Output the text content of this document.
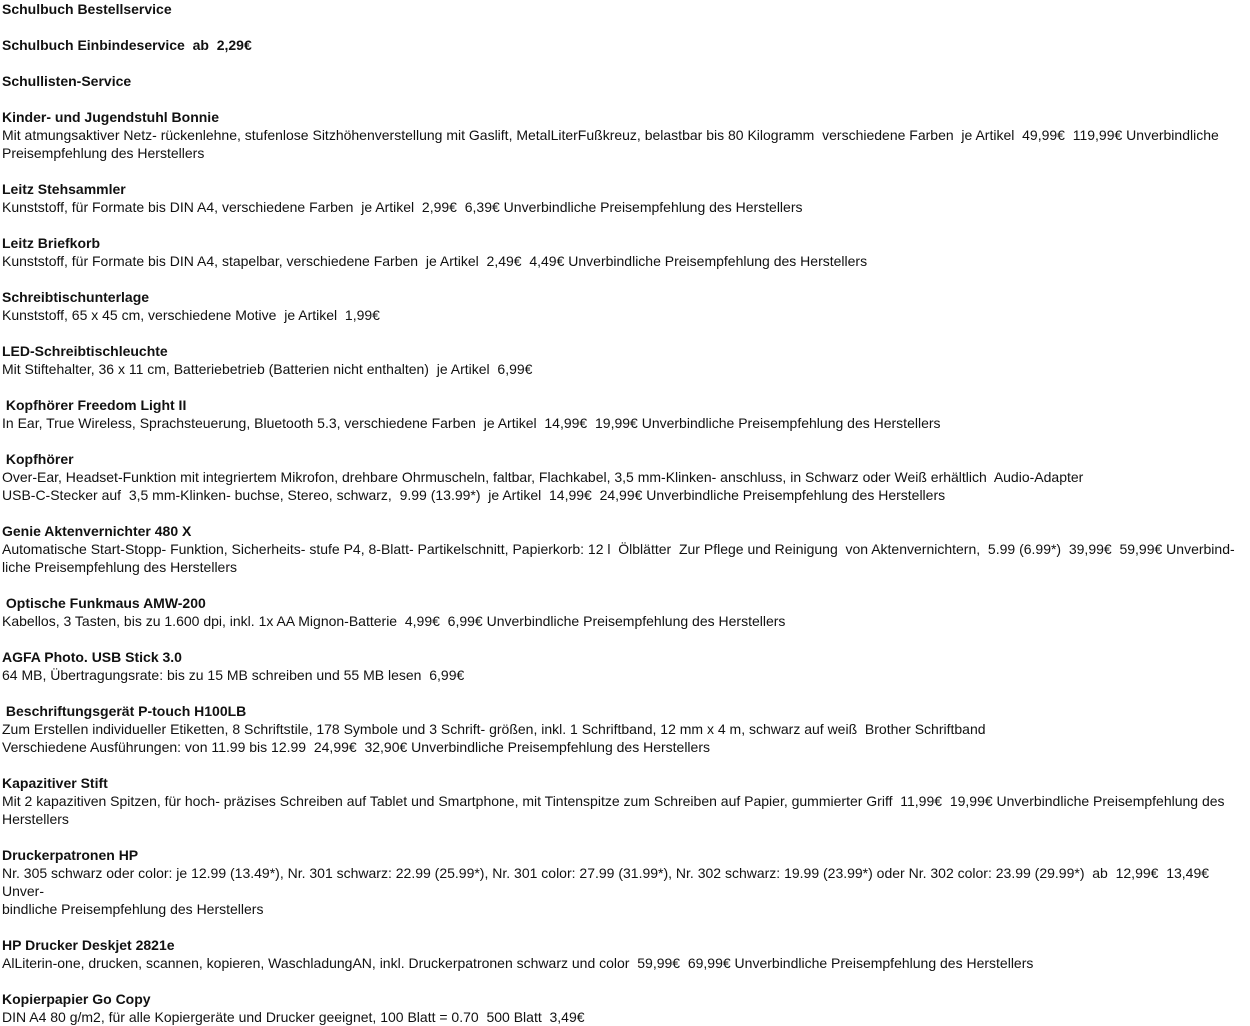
Schulbuch Bestellservice
Schulbuch Einbindeservice  ab  2,29€
Schullisten-Service
Kinder- und Jugendstuhl Bonnie
Mit atmungsaktiver Netz- rückenlehne, stufenlose Sitzhöhenverstellung mit Gaslift, MetalLiterFußkreuz, belastbar bis 80 Kilogramm  verschiedene Farben  je Artikel  49,99€  119,99€ Unverbindliche Preisempfehlung des Herstellers
Leitz Stehsammler
Kunststoff, für Formate bis DIN A4, verschiedene Farben  je Artikel  2,99€  6,39€ Unverbindliche Preisempfehlung des Herstellers
Leitz Briefkorb
Kunststoff, für Formate bis DIN A4, stapelbar, verschiedene Farben  je Artikel  2,49€  4,49€ Unverbindliche Preisempfehlung des Herstellers
Schreibtischunterlage
Kunststoff, 65 x 45 cm, verschiedene Motive  je Artikel  1,99€
LED-Schreibtischleuchte
Mit Stiftehalter, 36 x 11 cm, Batteriebetrieb (Batterien nicht enthalten)  je Artikel  6,99€
Kopfhörer Freedom Light II
In Ear, True Wireless, Sprachsteuerung, Bluetooth 5.3, verschiedene Farben  je Artikel  14,99€  19,99€ Unverbindliche Preisempfehlung des Herstellers
Kopfhörer
Over-Ear, Headset-Funktion mit integriertem Mikrofon, drehbare Ohrmuscheln, faltbar, Flachkabel, 3,5 mm-Klinken- anschluss, in Schwarz oder Weiß erhältlich  Audio-Adapter
USB-C-Stecker auf  3,5 mm-Klinken- buchse, Stereo, schwarz,  9.99 (13.99*)  je Artikel  14,99€  24,99€ Unverbindliche Preisempfehlung des Herstellers
Genie Aktenvernichter 480 X
Automatische Start-Stopp- Funktion, Sicherheits- stufe P4, 8-Blatt- Partikelschnitt, Papierkorb: 12 l  Ölblätter  Zur Pflege und Reinigung  von Aktenvernichtern,  5.99 (6.99*)  39,99€  59,99€ Unverbind-
liche Preisempfehlung des Herstellers
Optische Funkmaus AMW-200
Kabellos, 3 Tasten, bis zu 1.600 dpi, inkl. 1x AA Mignon-Batterie  4,99€  6,99€ Unverbindliche Preisempfehlung des Herstellers
AGFA Photo. USB Stick 3.0
64 MB, Übertragungsrate: bis zu 15 MB schreiben und 55 MB lesen  6,99€
Beschriftungsgerät P-touch H100LB
Zum Erstellen individueller Etiketten, 8 Schriftstile, 178 Symbole und 3 Schrift- größen, inkl. 1 Schriftband, 12 mm x 4 m, schwarz auf weiß  Brother Schriftband
Verschiedene Ausführungen: von 11.99 bis 12.99  24,99€  32,90€ Unverbindliche Preisempfehlung des Herstellers
Kapazitiver Stift
Mit 2 kapazitiven Spitzen, für hoch- präzises Schreiben auf Tablet und Smartphone, mit Tintenspitze zum Schreiben auf Papier, gummierter Griff  11,99€  19,99€ Unverbindliche Preisempfehlung des
Herstellers
Druckerpatronen HP
Nr. 305 schwarz oder color: je 12.99 (13.49*), Nr. 301 schwarz: 22.99 (25.99*), Nr. 301 color: 27.99 (31.99*), Nr. 302 schwarz: 19.99 (23.99*) oder Nr. 302 color: 23.99 (29.99*)  ab  12,99€  13,49€ Unver-
bindliche Preisempfehlung des Herstellers
HP Drucker Deskjet 2821e
AlLiterin-one, drucken, scannen, kopieren, WaschladungAN, inkl. Druckerpatronen schwarz und color  59,99€  69,99€ Unverbindliche Preisempfehlung des Herstellers
Kopierpapier Go Copy
DIN A4 80 g/m2, für alle Kopiergeräte und Drucker geeignet, 100 Blatt = 0.70  500 Blatt  3,49€
